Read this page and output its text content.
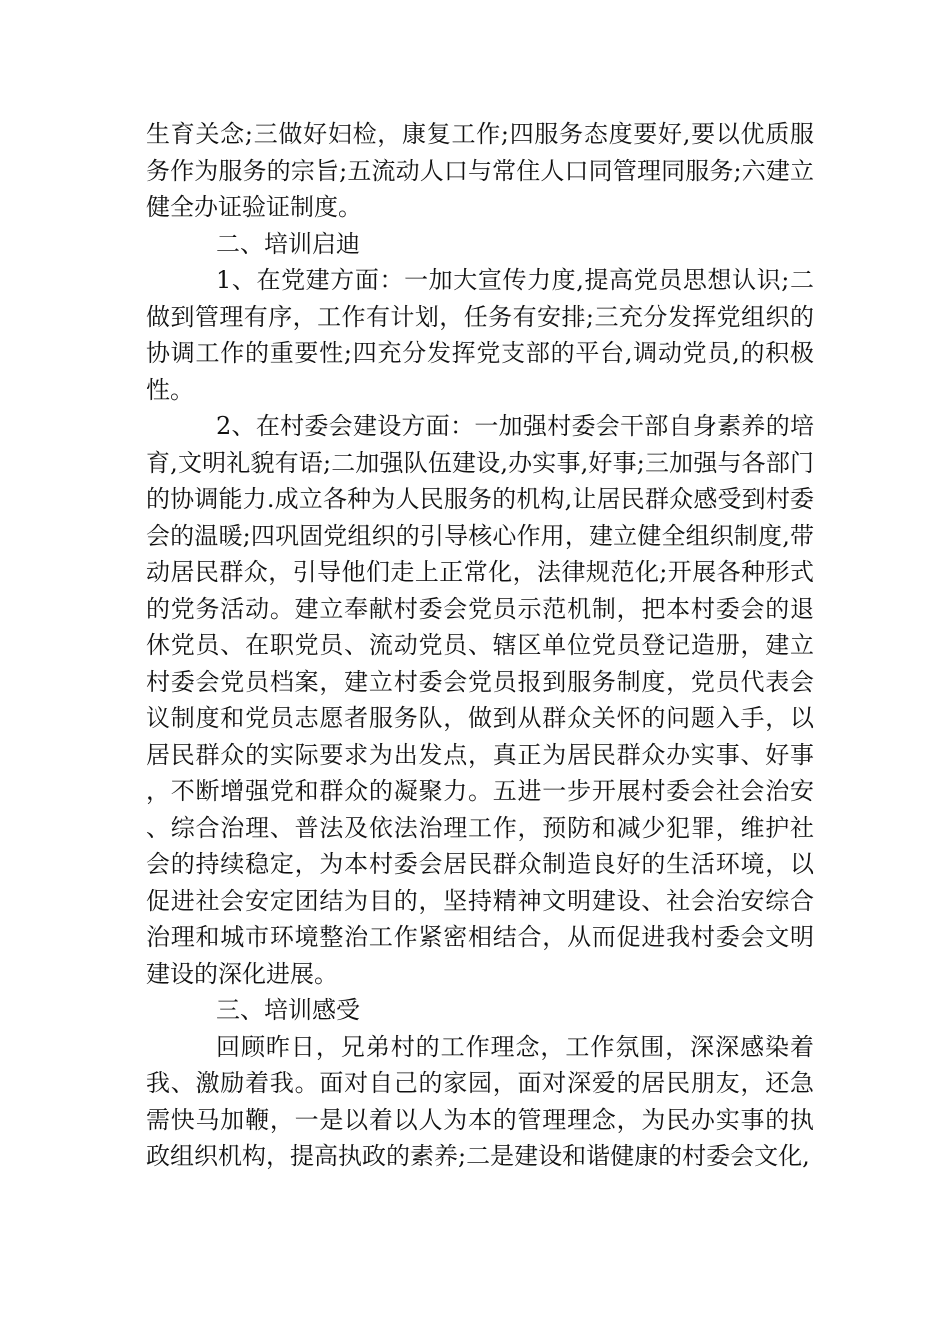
生育关念;三做好妇检，康复工作;四服务态度要好,要以优质服务作为服务的宗旨;五流动人口与常住人口同管理同服务;六建立健全办证验证制度。

二、培训启迪

1、在党建方面：一加大宣传力度,提高党员思想认识;二做到管理有序，工作有计划，任务有安排;三充分发挥党组织的协调工作的重要性;四充分发挥党支部的平台,调动党员,的积极性。

2、在村委会建设方面：一加强村委会干部自身素养的培育,文明礼貌有语;二加强队伍建设,办实事,好事;三加强与各部门的协调能力.成立各种为人民服务的机构,让居民群众感受到村委会的温暖;四巩固党组织的引导核心作用，建立健全组织制度,带动居民群众，引导他们走上正常化，法律规范化;开展各种形式的党务活动。建立奉献村委会党员示范机制，把本村委会的退休党员、在职党员、流动党员、辖区单位党员登记造册，建立村委会党员档案，建立村委会党员报到服务制度，党员代表会议制度和党员志愿者服务队，做到从群众关怀的问题入手，以居民群众的实际要求为出发点，真正为居民群众办实事、好事，不断增强党和群众的凝聚力。五进一步开展村委会社会治安、综合治理、普法及依法治理工作，预防和减少犯罪，维护社会的持续稳定，为本村委会居民群众制造良好的生活环境，以促进社会安定团结为目的，坚持精神文明建设、社会治安综合治理和城市环境整治工作紧密相结合，从而促进我村委会文明建设的深化进展。

三、培训感受

回顾昨日，兄弟村的工作理念，工作氛围，深深感染着我、激励着我。面对自己的家园，面对深爱的居民朋友，还急需快马加鞭，一是以着以人为本的管理理念，为民办实事的执政组织机构，提高执政的素养;二是建设和谐健康的村委会文化,
